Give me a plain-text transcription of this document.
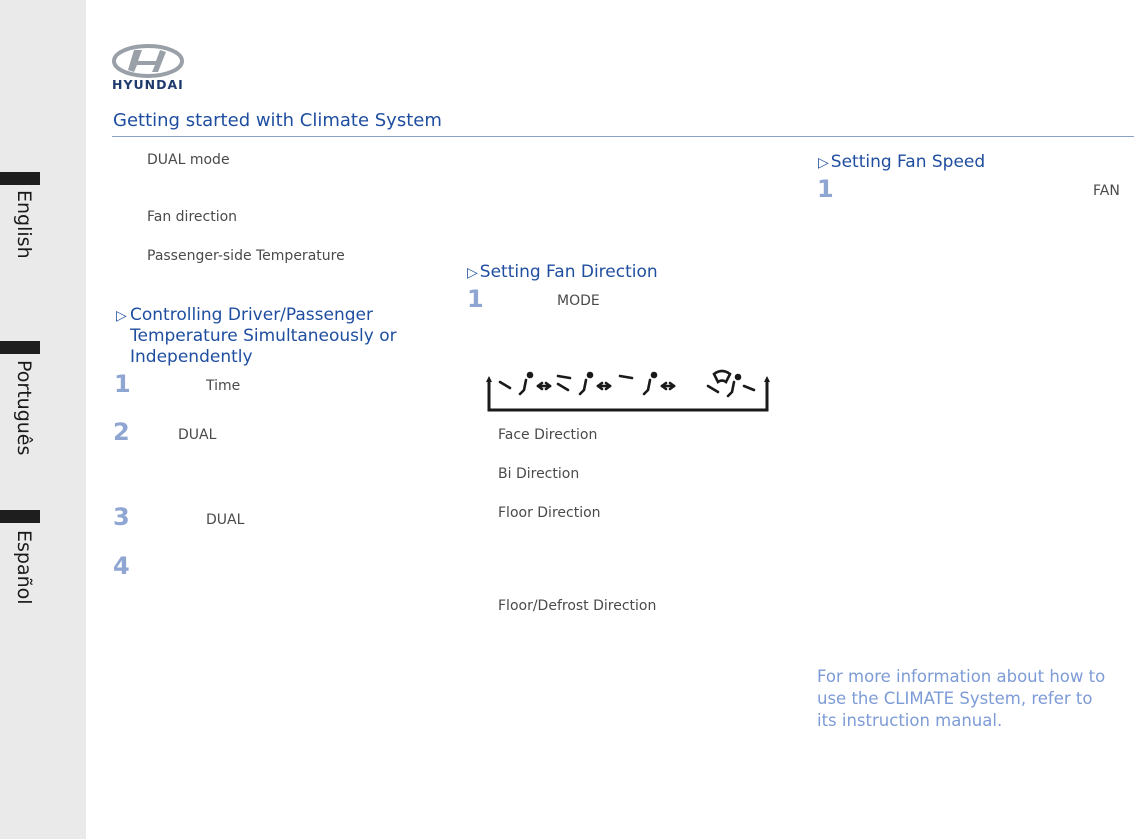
English
Português
Español
HYUNDAI
Getting started with Climate System
DUAL mode
Fan direction
Passenger-side Temperature
▷ Controlling Driver/Passenger Temperature Simultaneously or Independently
1	Time
2	DUAL
3	DUAL
4
▷ Setting Fan Direction
1	MODE
Face Direction
Bi Direction
Floor Direction
Floor/Defrost Direction
▷ Setting Fan Speed
1	FAN
For more information about how to use the CLIMATE System, refer to its instruction manual.
